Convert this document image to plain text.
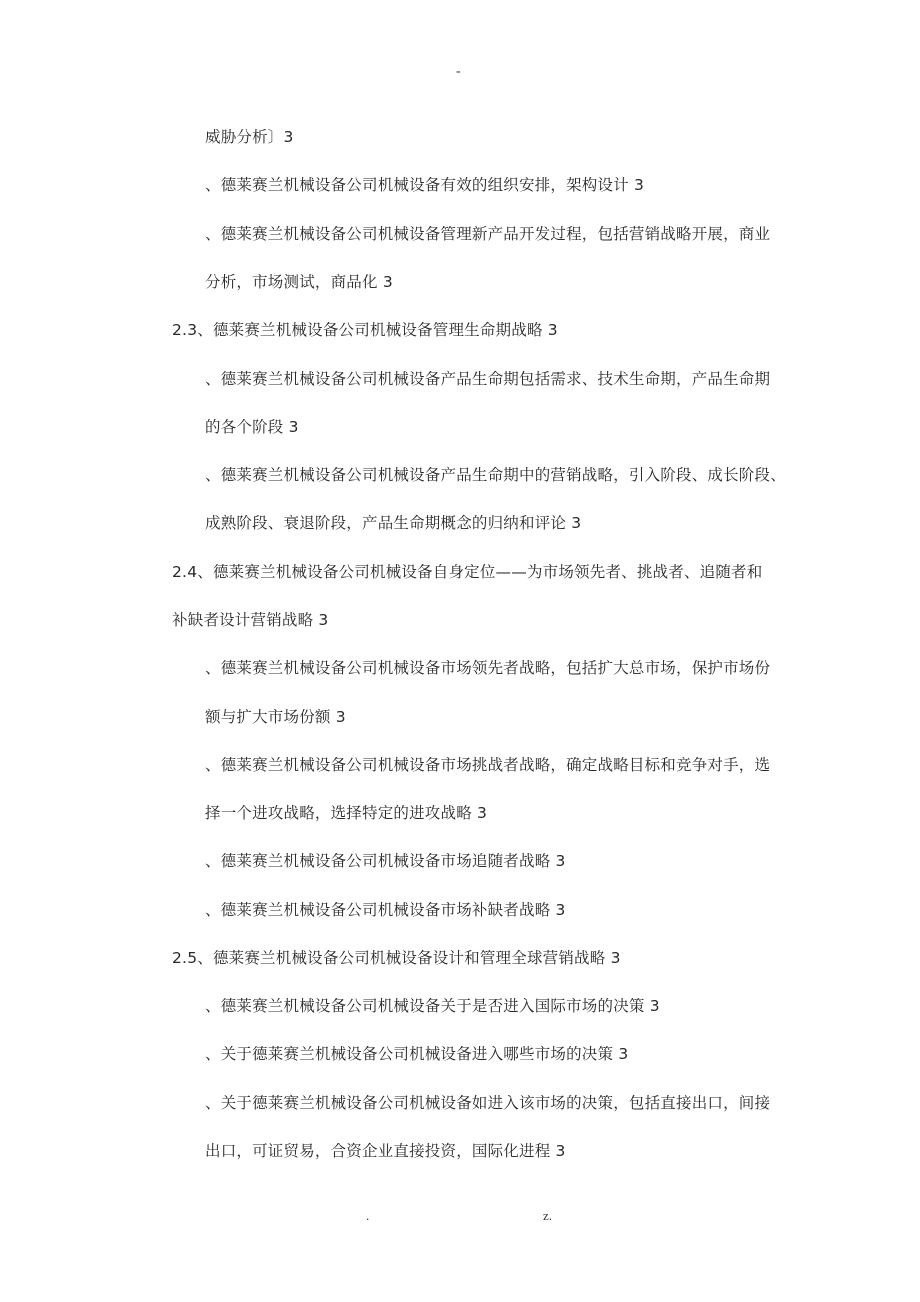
-
威胁分析〕3
、德莱赛兰机械设备公司机械设备有效的组织安排，架构设计 3
、德莱赛兰机械设备公司机械设备管理新产品开发过程，包括营销战略开展，商业
分析，市场测试，商品化 3
2.3、德莱赛兰机械设备公司机械设备管理生命期战略 3
、德莱赛兰机械设备公司机械设备产品生命期包括需求、技术生命期，产品生命期
的各个阶段 3
、德莱赛兰机械设备公司机械设备产品生命期中的营销战略，引入阶段、成长阶段、
成熟阶段、衰退阶段，产品生命期概念的归纳和评论 3
2.4、德莱赛兰机械设备公司机械设备自身定位——为市场领先者、挑战者、追随者和
补缺者设计营销战略 3
、德莱赛兰机械设备公司机械设备市场领先者战略，包括扩大总市场，保护市场份
额与扩大市场份额 3
、德莱赛兰机械设备公司机械设备市场挑战者战略，确定战略目标和竞争对手，选
择一个进攻战略，选择特定的进攻战略 3
、德莱赛兰机械设备公司机械设备市场追随者战略 3
、德莱赛兰机械设备公司机械设备市场补缺者战略 3
2.5、德莱赛兰机械设备公司机械设备设计和管理全球营销战略 3
、德莱赛兰机械设备公司机械设备关于是否进入国际市场的决策 3
、关于德莱赛兰机械设备公司机械设备进入哪些市场的决策 3
、关于德莱赛兰机械设备公司机械设备如进入该市场的决策，包括直接出口，间接
出口，可证贸易，合资企业直接投资，国际化进程 3
.	z.
